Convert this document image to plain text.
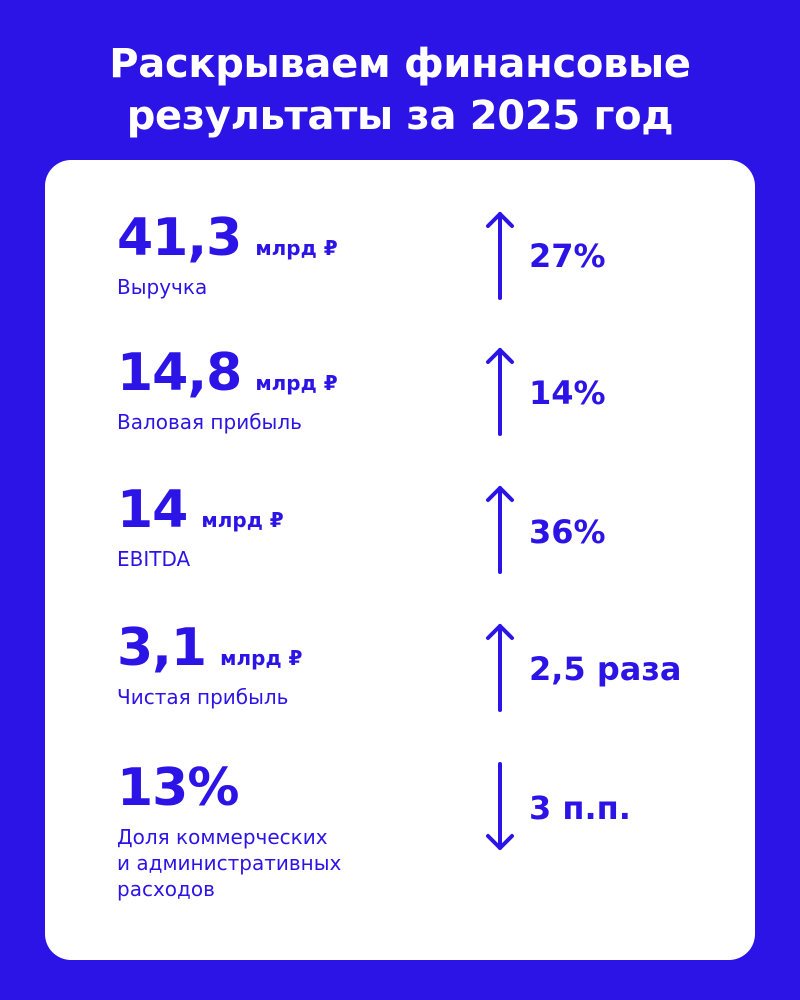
Раскрываем финансовые
результаты за 2025 год
41,3 млрд ₽
Выручка
27%
14,8 млрд ₽
Валовая прибыль
14%
14 млрд ₽
EBITDA
36%
3,1 млрд ₽
Чистая прибыль
2,5 раза
13%
Доля коммерческих
и административных
расходов
3 п.п.
